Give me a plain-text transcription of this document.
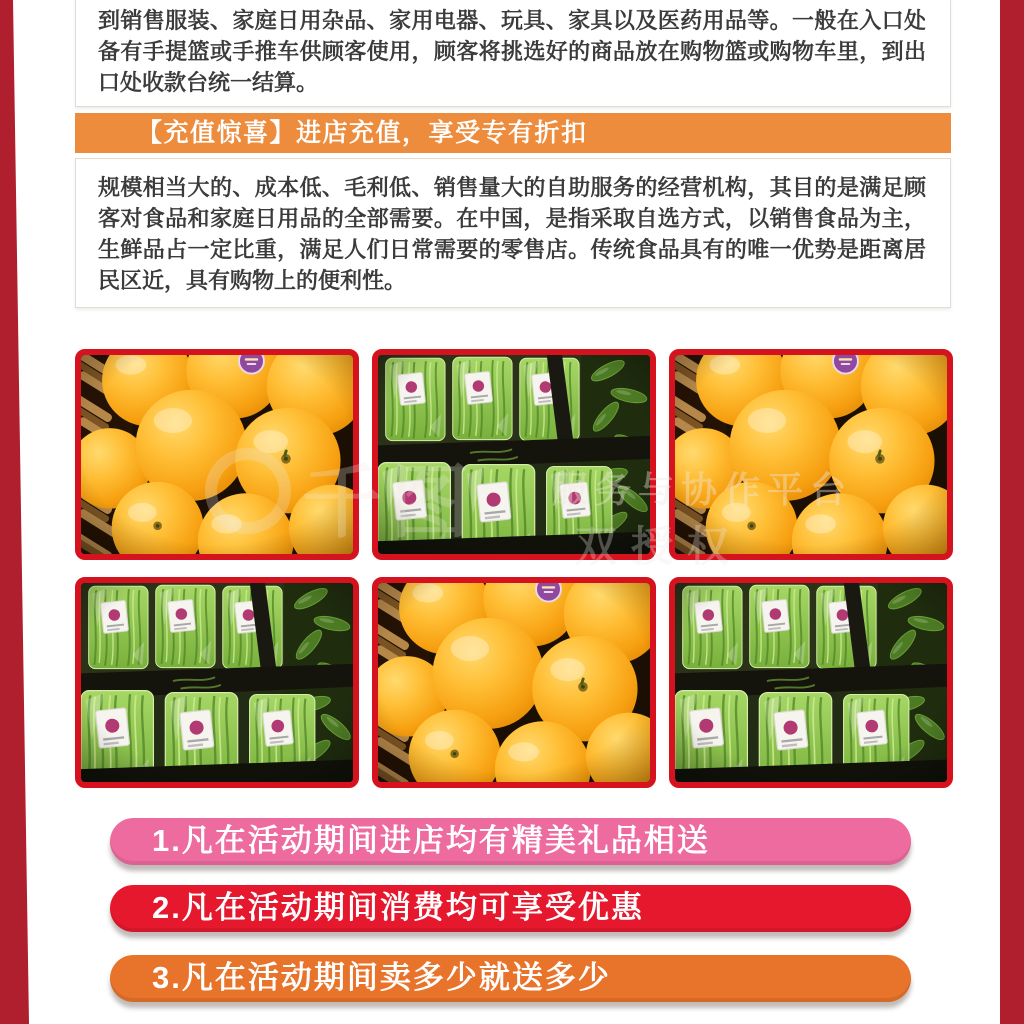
到销售服装、家庭日用杂品、家用电器、玩具、家具以及医药用品等。一般在入口处备有手提篮或手推车供顾客使用，顾客将挑选好的商品放在购物篮或购物车里，到出口处收款台统一结算。
【充值惊喜】进店充值，享受专有折扣
规模相当大的、成本低、毛利低、销售量大的自助服务的经营机构，其目的是满足顾客对食品和家庭日用品的全部需要。在中国，是指采取自选方式，以销售食品为主，生鲜品占一定比重，满足人们日常需要的零售店。传统食品具有的唯一优势是距离居民区近，具有购物上的便利性。
千图 服务与协作平台
双授权
1.凡在活动期间进店均有精美礼品相送
2.凡在活动期间消费均可享受优惠
3.凡在活动期间卖多少就送多少
